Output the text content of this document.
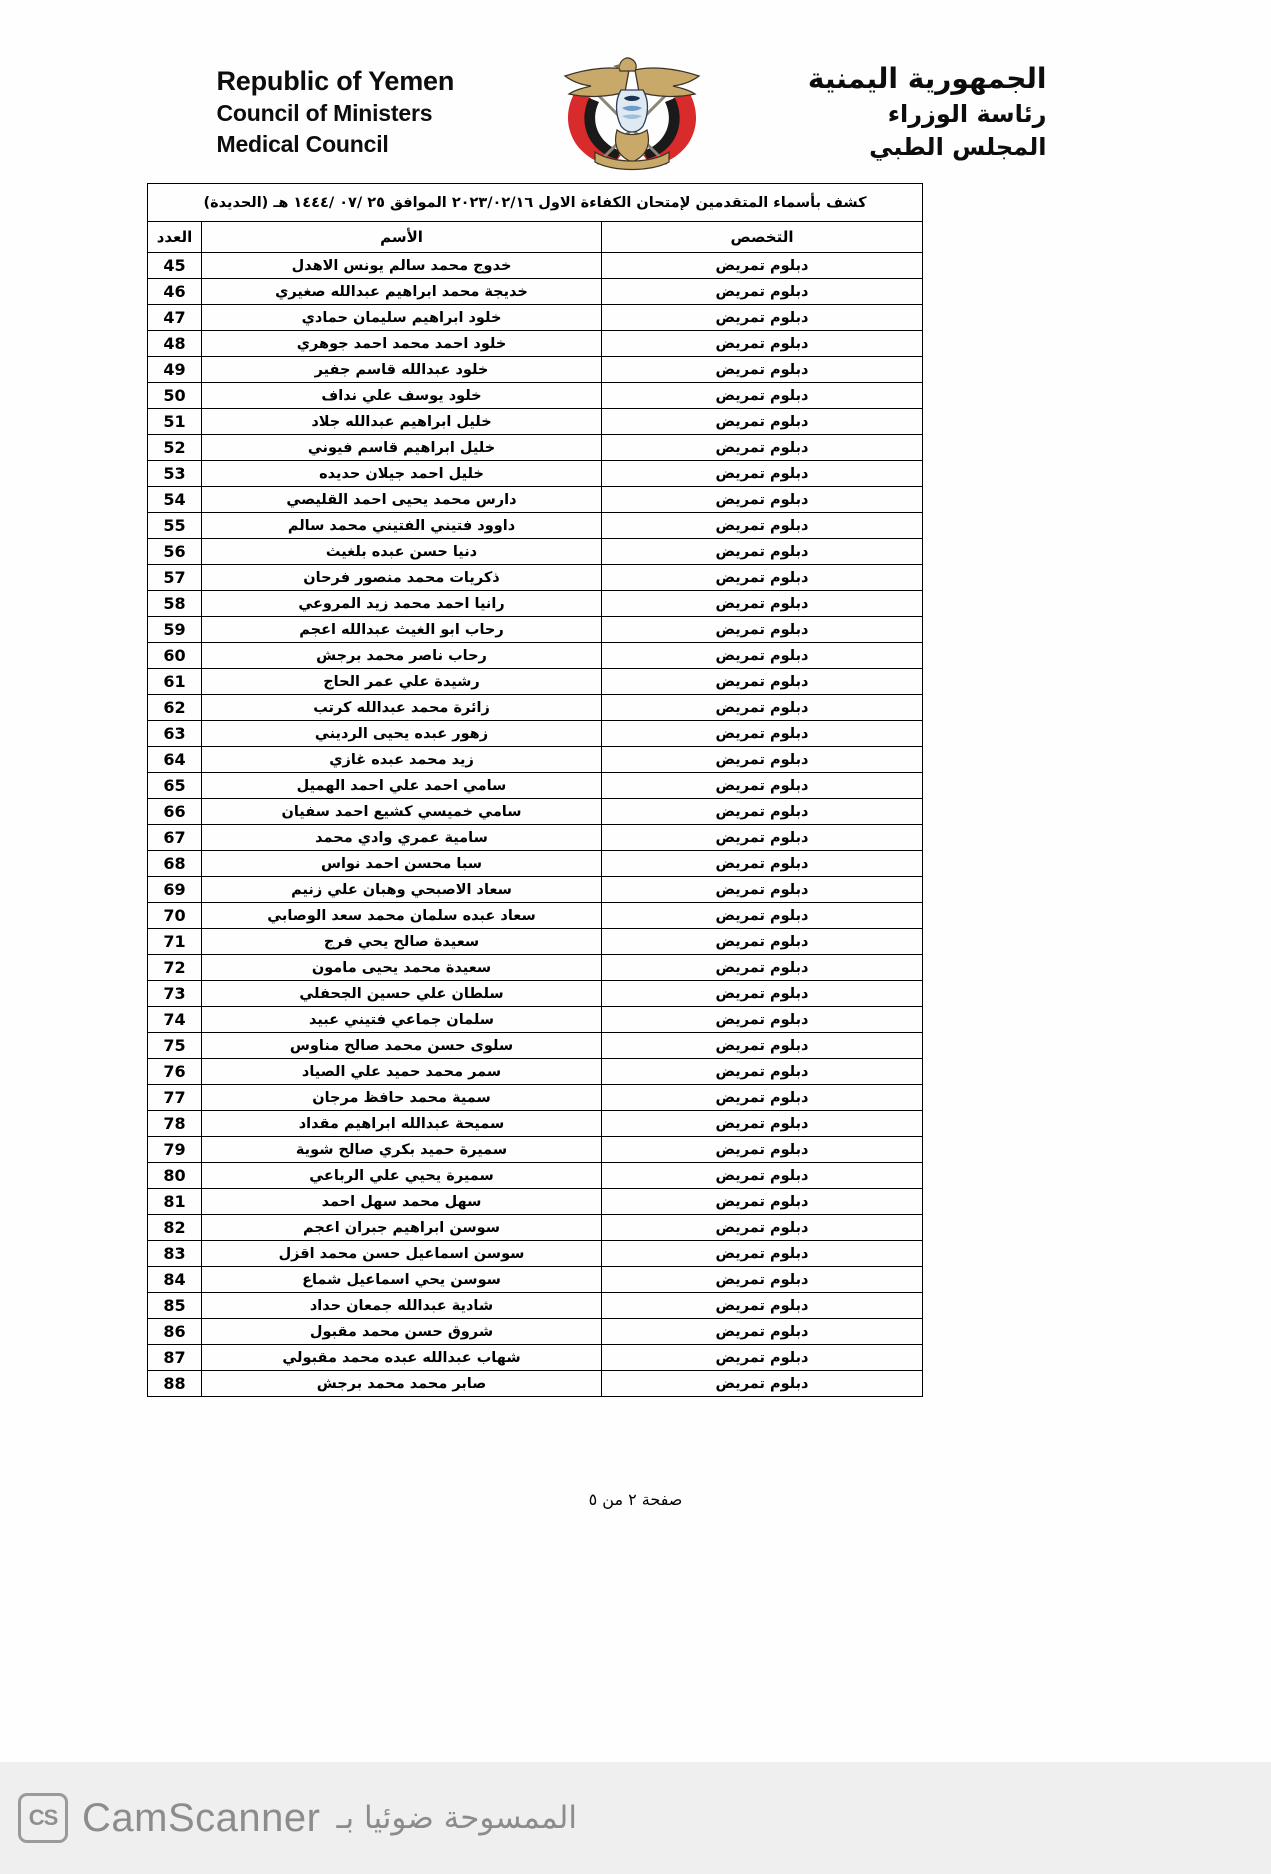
Republic of Yemen
Council of Ministers
Medical Council
الجمهورية اليمنية
رئاسة الوزراء
المجلس الطبي
كشف بأسماء المتقدمين لإمتحان الكفاءة الاول ٢٠٢٣/٠٢/١٦ الموافق ٢٥ /٠٧ /١٤٤٤ هـ (الحديدة)		
التخصص	الأسم	العدد
دبلوم تمريض	خدوج محمد سالم يونس الاهدل	45
دبلوم تمريض	خديجة محمد ابراهيم عبدالله صغيري	46
دبلوم تمريض	خلود ابراهيم سليمان حمادي	47
دبلوم تمريض	خلود احمد محمد احمد جوهري	48
دبلوم تمريض	خلود عبدالله قاسم جفير	49
دبلوم تمريض	خلود يوسف علي نداف	50
دبلوم تمريض	خليل ابراهيم عبدالله جلاد	51
دبلوم تمريض	خليل ابراهيم قاسم فيوني	52
دبلوم تمريض	خليل احمد جيلان حديده	53
دبلوم تمريض	دارس محمد يحيى احمد القليصي	54
دبلوم تمريض	داوود فتيني الفتيني محمد سالم	55
دبلوم تمريض	دنيا حسن عبده بلغيث	56
دبلوم تمريض	ذكريات محمد منصور فرحان	57
دبلوم تمريض	رانيا احمد محمد زيد المروعي	58
دبلوم تمريض	رحاب ابو الغيث عبدالله اعجم	59
دبلوم تمريض	رحاب ناصر محمد برجش	60
دبلوم تمريض	رشيدة علي عمر الحاج	61
دبلوم تمريض	زائرة محمد عبدالله كرتب	62
دبلوم تمريض	زهور عبده يحيى الرديني	63
دبلوم تمريض	زيد محمد عبده غازي	64
دبلوم تمريض	سامي احمد علي احمد الهميل	65
دبلوم تمريض	سامي خميسي كشيع احمد سفيان	66
دبلوم تمريض	سامية عمري وادي محمد	67
دبلوم تمريض	سبا محسن احمد نواس	68
دبلوم تمريض	سعاد الاصبحي وهبان علي زنيم	69
دبلوم تمريض	سعاد عبده سلمان محمد سعد الوصابي	70
دبلوم تمريض	سعيدة صالح يحي فرج	71
دبلوم تمريض	سعيدة محمد يحيى مامون	72
دبلوم تمريض	سلطان علي حسين الجحفلي	73
دبلوم تمريض	سلمان جماعي فتيني عبيد	74
دبلوم تمريض	سلوى حسن محمد صالح مناوس	75
دبلوم تمريض	سمر محمد حميد علي الصياد	76
دبلوم تمريض	سمية محمد حافظ مرجان	77
دبلوم تمريض	سميحة عبدالله ابراهيم مقداد	78
دبلوم تمريض	سميرة حميد بكري صالح شوية	79
دبلوم تمريض	سميرة يحيي علي الرباعي	80
دبلوم تمريض	سهل محمد سهل احمد	81
دبلوم تمريض	سوسن ابراهيم جبران اعجم	82
دبلوم تمريض	سوسن اسماعيل حسن محمد اقزل	83
دبلوم تمريض	سوسن يحي اسماعيل شماع	84
دبلوم تمريض	شادية عبدالله جمعان حداد	85
دبلوم تمريض	شروق حسن محمد مقبول	86
دبلوم تمريض	شهاب عبدالله عبده محمد مقبولي	87
دبلوم تمريض	صابر محمد محمد برجش	88
صفحة ٢ من ٥
CS CamScanner الممسوحة ضوئيا بـ
